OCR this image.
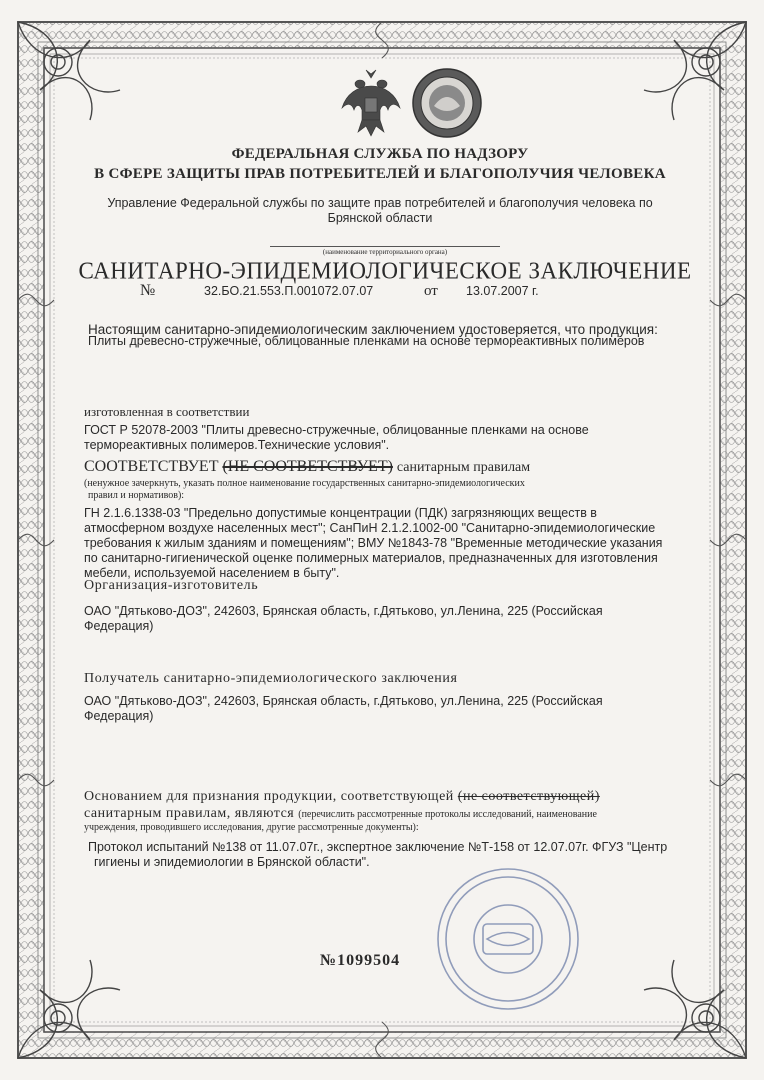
ФЕДЕРАЛЬНАЯ СЛУЖБА ПО НАДЗОРУ
В СФЕРЕ ЗАЩИТЫ ПРАВ ПОТРЕБИТЕЛЕЙ И БЛАГОПОЛУЧИЯ ЧЕЛОВЕКА
Управление Федеральной службы по защите прав потребителей и благополучия человека по
Брянской области
(наименование территориального органа)
САНИТАРНО-ЭПИДЕМИОЛОГИЧЕСКОЕ ЗАКЛЮЧЕНИЕ
№	32.БО.21.553.П.001072.07.07	от 13.07.2007 г.
Настоящим санитарно-эпидемиологическим заключением удостоверяется, что продукция:
Плиты древесно-стружечные, облицованные пленками на основе термореактивных полимеров
изготовленная в соответствии
ГОСТ Р 52078-2003 "Плиты древесно-стружечные, облицованные пленками на основе
термореактивных полимеров.Технические условия".
СООТВЕТСТВУЕТ (НЕ СООТВЕТСТВУЕТ) санитарным правилам
(ненужное зачеркнуть, указать полное наименование государственных санитарно-эпидемиологических
правил и нормативов):
ГН 2.1.6.1338-03 "Предельно допустимые концентрации (ПДК) загрязняющих веществ в
атмосферном воздухе населенных мест"; СанПиН 2.1.2.1002-00 "Санитарно-эпидемиологические
требования к жилым зданиям и помещениям"; ВМУ №1843-78 "Временные методические указания
по санитарно-гигиенической оценке полимерных материалов, предназначенных для изготовления
мебели, используемой населением в быту".
Организация-изготовитель
ОАО "Дятьково-ДОЗ", 242603, Брянская область, г.Дятьково, ул.Ленина, 225 (Российская
Федерация)
Получатель санитарно-эпидемиологического заключения
ОАО "Дятьково-ДОЗ", 242603, Брянская область, г.Дятьково, ул.Ленина, 225 (Российская
Федерация)
Основанием для признания продукции, соответствующей (не соответствующей)
санитарным правилам, являются (перечислить рассмотренные протоколы исследований, наименование
учреждения, проводившего исследования, другие рассмотренные документы):
Протокол испытаний №138 от 11.07.07г., экспертное заключение №Т-158 от 12.07.07г. ФГУЗ "Центр
гигиены и эпидемиологии в Брянской области".
№1099504
